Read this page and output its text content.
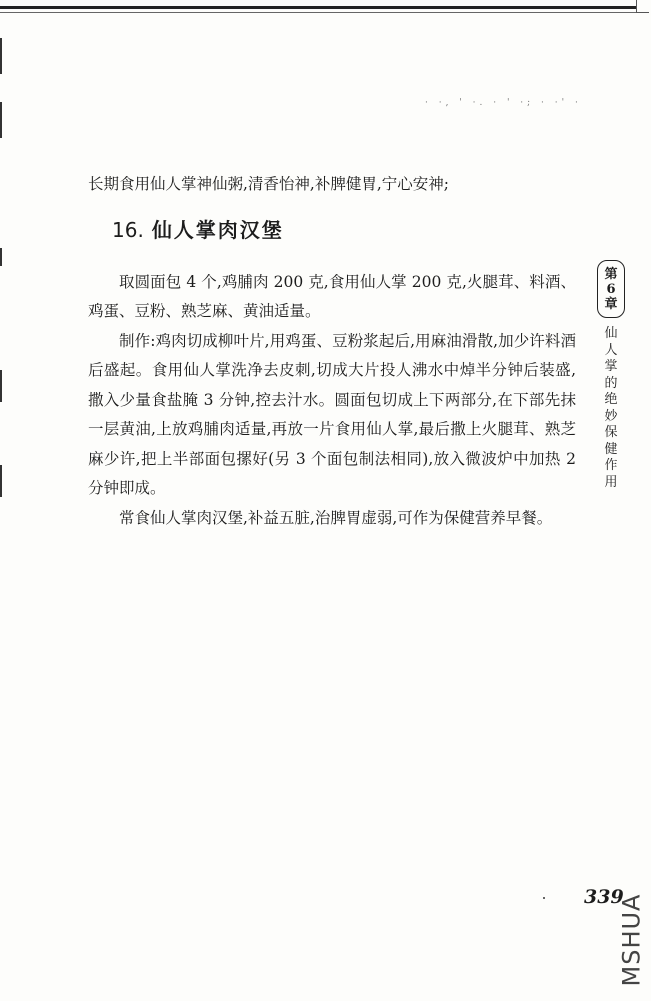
· ·, ' ·. · ' ·; · ·' ·

长期食用仙人掌神仙粥,清香怡神,补脾健胃,宁心安神;

16. 仙人掌肉汉堡

取圆面包 4 个,鸡脯肉 200 克,食用仙人掌 200 克,火腿茸、料酒、鸡蛋、豆粉、熟芝麻、黄油适量。

制作:鸡肉切成柳叶片,用鸡蛋、豆粉浆起后,用麻油滑散,加少许料酒后盛起。食用仙人掌洗净去皮刺,切成大片投人沸水中焯半分钟后装盛,撒入少量食盐腌 3 分钟,控去汁水。圆面包切成上下两部分,在下部先抹一层黄油,上放鸡脯肉适量,再放一片食用仙人掌,最后撒上火腿茸、熟芝麻少许,把上半部面包摞好(另 3 个面包制法相同),放入微波炉中加热 2 分钟即成。

常食仙人掌肉汉堡,补益五脏,治脾胃虚弱,可作为保健营养早餐。

第
6
章
仙人掌的绝妙保健作用
339
MSHUA
